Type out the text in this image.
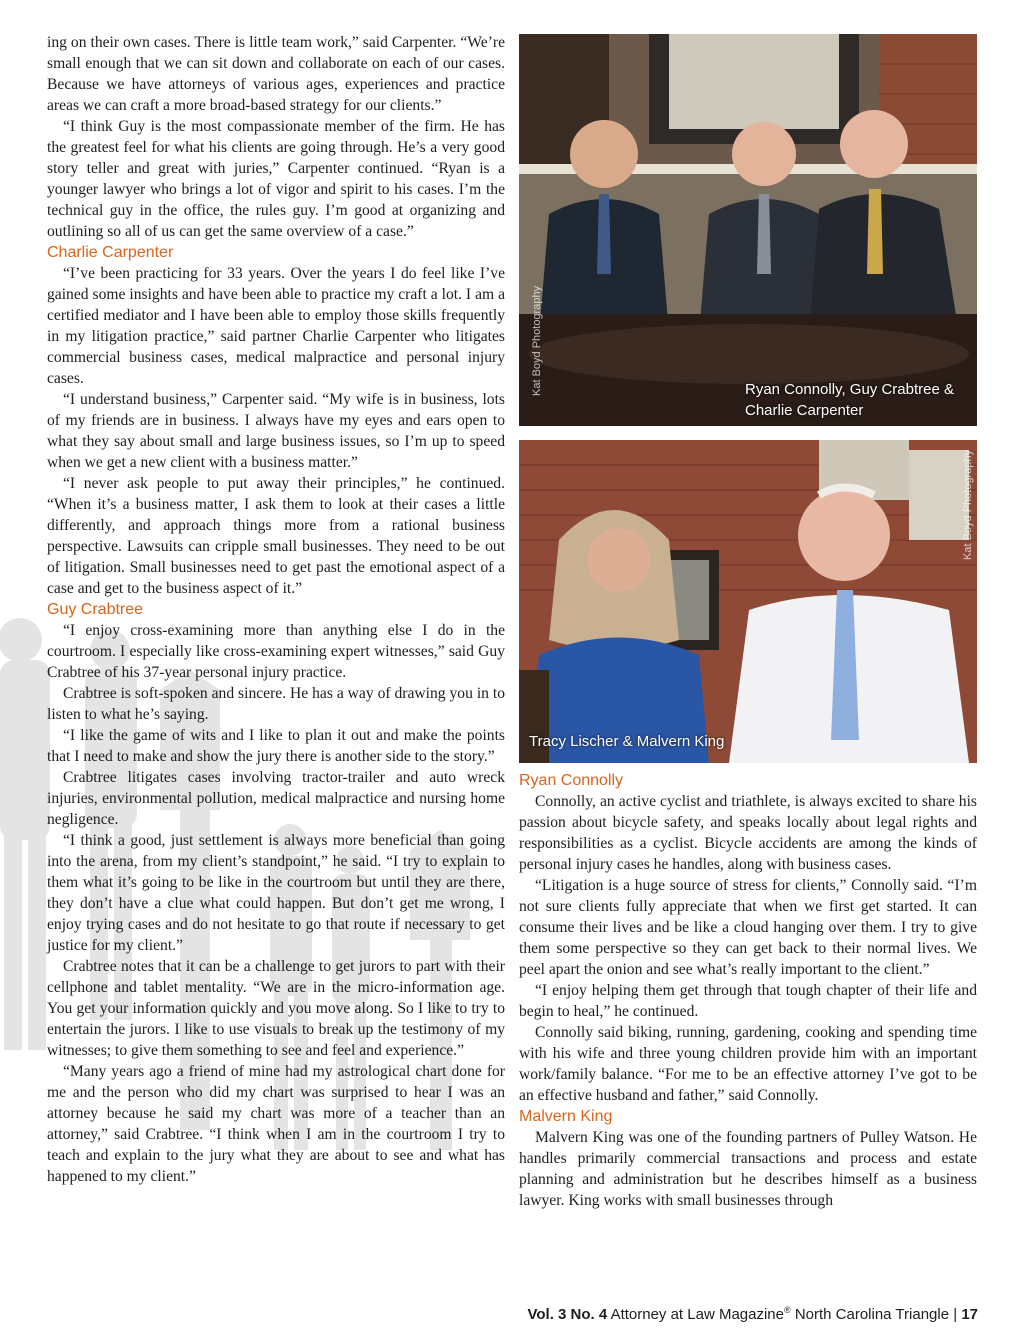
ing on their own cases. There is little team work,” said Carpenter. “We’re small enough that we can sit down and collaborate on each of our cases. Because we have attorneys of various ages, experiences and practice areas we can craft a more broad-based strategy for our clients.”

“I think Guy is the most compassionate member of the firm. He has the greatest feel for what his clients are going through. He’s a very good story teller and great with juries,” Carpenter continued. “Ryan is a younger lawyer who brings a lot of vigor and spirit to his cases. I’m the technical guy in the office, the rules guy. I’m good at organizing and outlining so all of us can get the same overview of a case.”

Charlie Carpenter

“I’ve been practicing for 33 years. Over the years I do feel like I’ve gained some insights and have been able to practice my craft a lot. I am a certified mediator and I have been able to employ those skills frequently in my litigation practice,” said partner Charlie Carpenter who litigates commercial business cases, medical malpractice and personal injury cases.

“I understand business,” Carpenter said. “My wife is in business, lots of my friends are in business. I always have my eyes and ears open to what they say about small and large business issues, so I’m up to speed when we get a new client with a business matter.”

“I never ask people to put away their principles,” he continued. “When it’s a business matter, I ask them to look at their cases a little differently, and approach things more from a rational business perspective. Lawsuits can cripple small businesses. They need to be out of litigation. Small businesses need to get past the emotional aspect of a case and get to the business aspect of it.”

Guy Crabtree

“I enjoy cross-examining more than anything else I do in the courtroom. I especially like cross-examining expert witnesses,” said Guy Crabtree of his 37-year personal injury practice.

Crabtree is soft-spoken and sincere. He has a way of drawing you in to listen to what he’s saying.

“I like the game of wits and I like to plan it out and make the points that I need to make and show the jury there is another side to the story.”

Crabtree litigates cases involving tractor-trailer and auto wreck injuries, environmental pollution, medical malpractice and nursing home negligence.

“I think a good, just settlement is always more beneficial than going into the arena, from my client’s standpoint,” he said. “I try to explain to them what it’s going to be like in the courtroom but until they are there, they don’t have a clue what could happen. But don’t get me wrong, I enjoy trying cases and do not hesitate to go that route if necessary to get justice for my client.”

Crabtree notes that it can be a challenge to get jurors to part with their cellphone and tablet mentality. “We are in the micro-information age. You get your information quickly and you move along. So I like to try to entertain the jurors. I like to use visuals to break up the testimony of my witnesses; to give them something to see and feel and experience.”

“Many years ago a friend of mine had my astrological chart done for me and the person who did my chart was surprised to hear I was an attorney because he said my chart was more of a teacher than an attorney,” said Crabtree. “I think when I am in the courtroom I try to teach and explain to the jury what they are about to see and what has happened to my client.”

Kat Boyd Photography	Ryan Connolly, Guy Crabtree &
Charlie Carpenter
Kat Boyd Photography
Tracy Lischer & Malvern King
Ryan Connolly

Connolly, an active cyclist and triathlete, is always excited to share his passion about bicycle safety, and speaks locally about legal rights and responsibilities as a cyclist. Bicycle accidents are among the kinds of personal injury cases he handles, along with business cases.

“Litigation is a huge source of stress for clients,” Connolly said. “I’m not sure clients fully appreciate that when we first get started. It can consume their lives and be like a cloud hanging over them. I try to give them some perspective so they can get back to their normal lives. We peel apart the onion and see what’s really important to the client.”

“I enjoy helping them get through that tough chapter of their life and begin to heal,” he continued.

Connolly said biking, running, gardening, cooking and spending time with his wife and three young children provide him with an important work/family balance. “For me to be an effective attorney I’ve got to be an effective husband and father,” said Connolly.

Malvern King

Malvern King was one of the founding partners of Pulley Watson. He handles primarily commercial transactions and process and estate planning and administration but he describes himself as a business lawyer. King works with small businesses through

Vol. 3 No. 4 Attorney at Law Magazine® North Carolina Triangle | 17
